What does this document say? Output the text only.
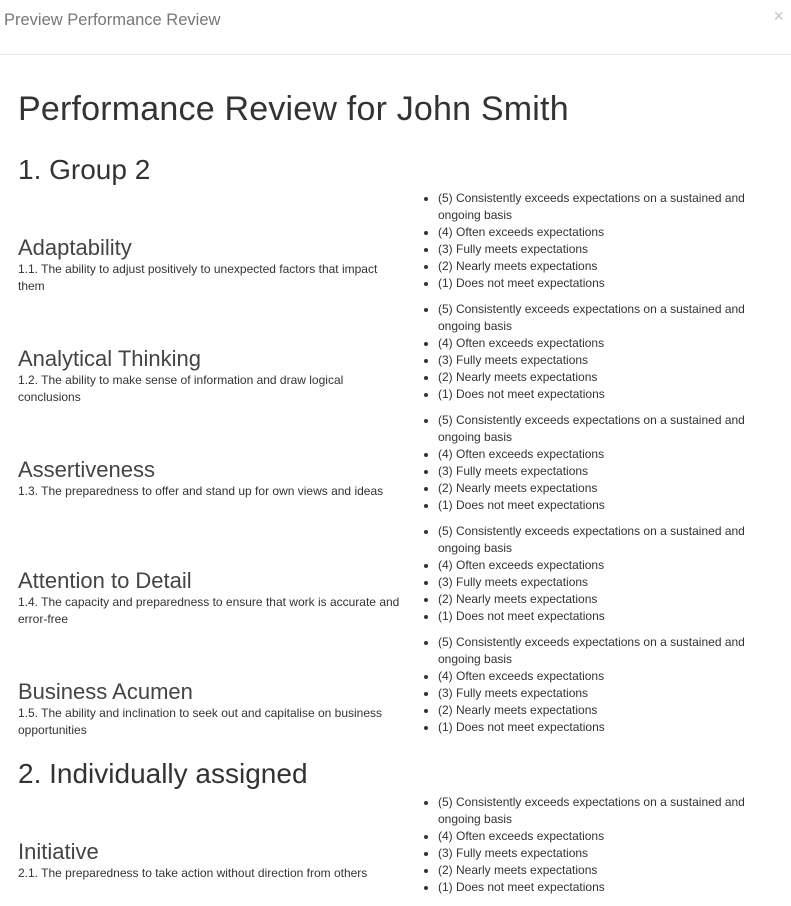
Preview Performance Review	×
Performance Review for John Smith
1. Group 2
Adaptability

1.1. The ability to adjust positively to unexpected factors that impact them

• (5) Consistently exceeds expectations on a sustained and ongoing basis
• (4) Often exceeds expectations
• (3) Fully meets expectations
• (2) Nearly meets expectations
• (1) Does not meet expectations
Analytical Thinking

1.2. The ability to make sense of information and draw logical conclusions

• (5) Consistently exceeds expectations on a sustained and ongoing basis
• (4) Often exceeds expectations
• (3) Fully meets expectations
• (2) Nearly meets expectations
• (1) Does not meet expectations
Assertiveness

1.3. The preparedness to offer and stand up for own views and ideas

• (5) Consistently exceeds expectations on a sustained and ongoing basis
• (4) Often exceeds expectations
• (3) Fully meets expectations
• (2) Nearly meets expectations
• (1) Does not meet expectations
Attention to Detail

1.4. The capacity and preparedness to ensure that work is accurate and error-free

• (5) Consistently exceeds expectations on a sustained and ongoing basis
• (4) Often exceeds expectations
• (3) Fully meets expectations
• (2) Nearly meets expectations
• (1) Does not meet expectations
Business Acumen

1.5. The ability and inclination to seek out and capitalise on business opportunities

• (5) Consistently exceeds expectations on a sustained and ongoing basis
• (4) Often exceeds expectations
• (3) Fully meets expectations
• (2) Nearly meets expectations
• (1) Does not meet expectations
2. Individually assigned
Initiative

2.1. The preparedness to take action without direction from others

• (5) Consistently exceeds expectations on a sustained and ongoing basis
• (4) Often exceeds expectations
• (3) Fully meets expectations
• (2) Nearly meets expectations
• (1) Does not meet expectations
